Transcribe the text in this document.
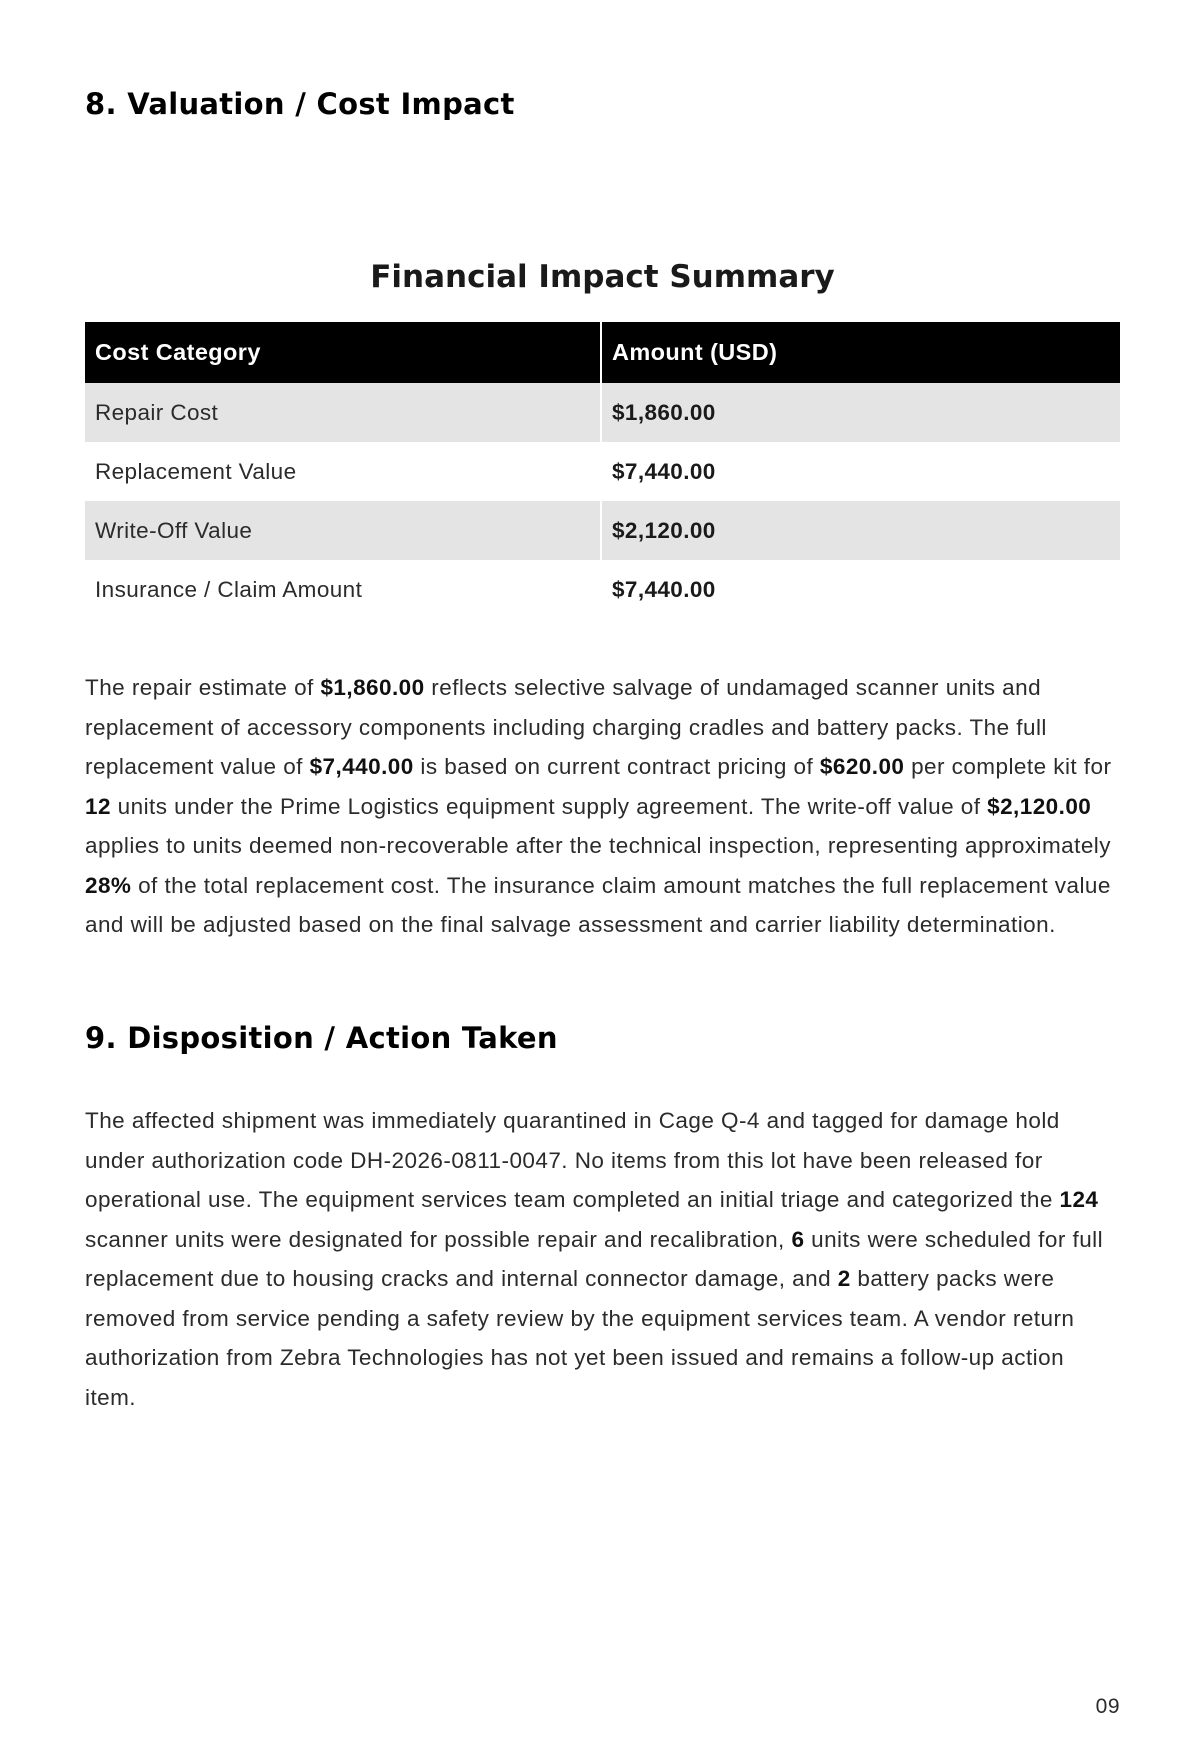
8. Valuation / Cost Impact
Financial Impact Summary
Cost Category	Amount (USD)
Repair Cost	$1,860.00
Replacement Value	$7,440.00
Write-Off Value	$2,120.00
Insurance / Claim Amount	$7,440.00

The repair estimate of $1,860.00 reflects selective salvage of undamaged scanner units and replacement of accessory components including charging cradles and battery packs. The full replacement value of $7,440.00 is based on current contract pricing of $620.00 per complete kit for 12 units under the Prime Logistics equipment supply agreement. The write-off value of $2,120.00 applies to units deemed non-recoverable after the technical inspection, representing approximately 28% of the total replacement cost. The insurance claim amount matches the full replacement value and will be adjusted based on the final salvage assessment and carrier liability determination.

9. Disposition / Action Taken

The affected shipment was immediately quarantined in Cage Q-4 and tagged for damage hold under authorization code DH-2026-0811-0047. No items from this lot have been released for operational use. The equipment services team completed an initial triage and categorized the 124 scanner units were designated for possible repair and recalibration, 6 units were scheduled for full replacement due to housing cracks and internal connector damage, and 2 battery packs were removed from service pending a safety review by the equipment services team. A vendor return authorization from Zebra Technologies has not yet been issued and remains a follow-up action item.

09
